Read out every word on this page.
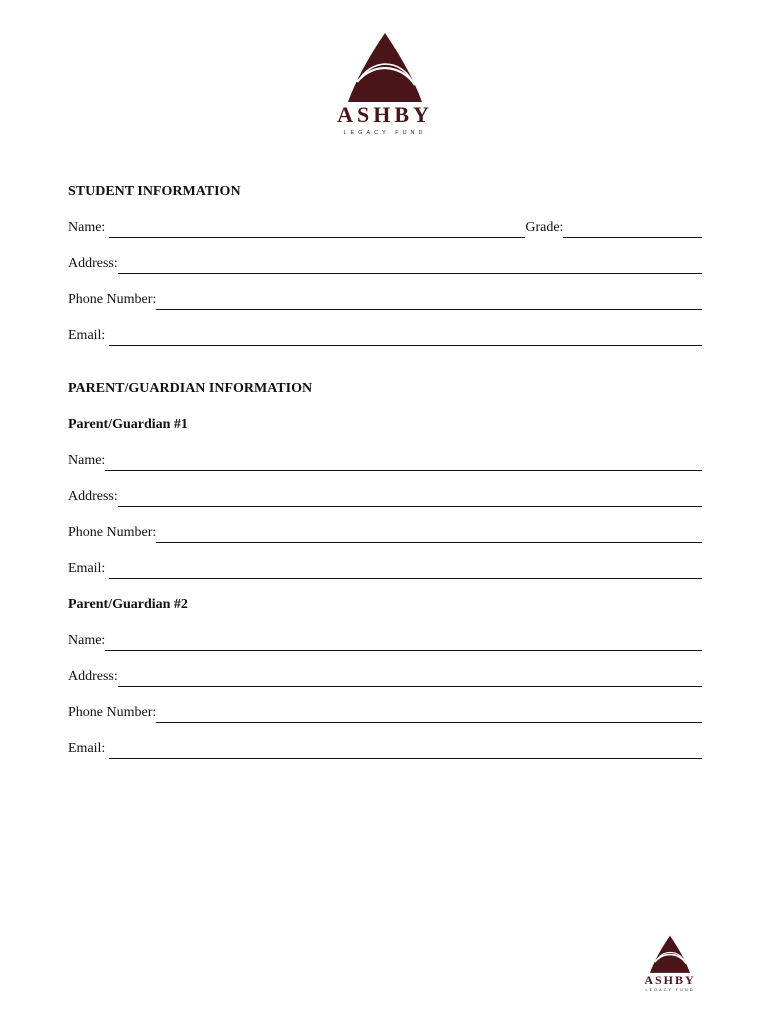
ASHBY
LEGACY FUND
STUDENT INFORMATION
Name:	Grade:
Address:
Phone Number:
Email:
PARENT/GUARDIAN INFORMATION
Parent/Guardian #1
Name:
Address:
Phone Number:
Email:
Parent/Guardian #2
Name:
Address:
Phone Number:
Email:
ASHBY
LEGACY FUND
